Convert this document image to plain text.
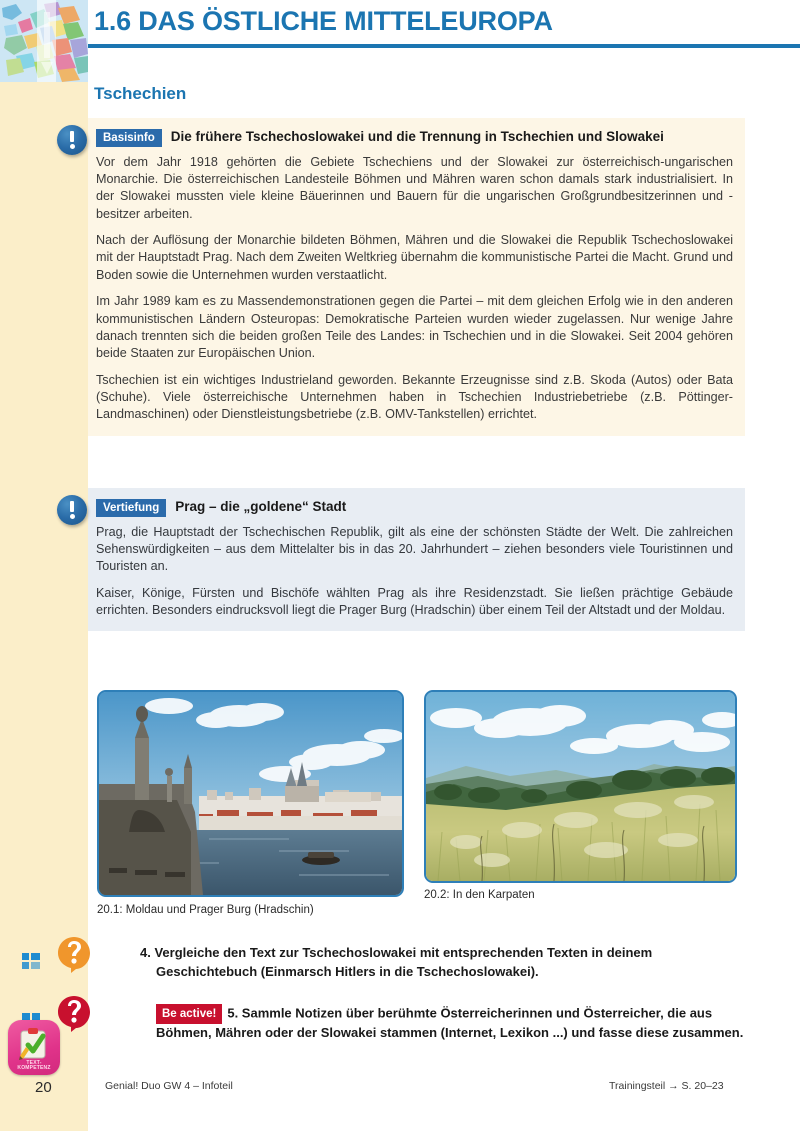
1.6 DAS ÖSTLICHE MITTELEUROPA
Tschechien
Basisinfo	Die frühere Tschechoslowakei und die Trennung in Tschechien und Slowakei

Vor dem Jahr 1918 gehörten die Gebiete Tschechiens und der Slowakei zur österreichisch-ungarischen Monarchie. Die österreichischen Landesteile Böhmen und Mähren waren schon damals stark industrialisiert. In der Slowakei mussten viele kleine Bäuerinnen und Bauern für die ungarischen Großgrundbesitzerinnen und -besitzer arbeiten.

Nach der Auflösung der Monarchie bildeten Böhmen, Mähren und die Slowakei die Republik Tschechoslowakei mit der Hauptstadt Prag. Nach dem Zweiten Weltkrieg übernahm die kommunistische Partei die Macht. Grund und Boden sowie die Unternehmen wurden verstaatlicht.

Im Jahr 1989 kam es zu Massendemonstrationen gegen die Partei – mit dem gleichen Erfolg wie in den anderen kommunistischen Ländern Osteuropas: Demokratische Parteien wurden wieder zugelassen. Nur wenige Jahre danach trennten sich die beiden großen Teile des Landes: in Tschechien und in die Slowakei. Seit 2004 gehören beide Staaten zur Europäischen Union.

Tschechien ist ein wichtiges Industrieland geworden. Bekannte Erzeugnisse sind z.B. Skoda (Autos) oder Bata (Schuhe). Viele österreichische Unternehmen haben in Tschechien Industriebetriebe (z.B. Pöttinger-Landmaschinen) oder Dienstleistungsbetriebe (z.B. OMV-Tankstellen) errichtet.

Vertiefung	Prag – die „goldene“ Stadt

Prag, die Hauptstadt der Tschechischen Republik, gilt als eine der schönsten Städte der Welt. Die zahlreichen Sehenswürdigkeiten – aus dem Mittelalter bis in das 20. Jahrhundert – ziehen besonders viele Touristinnen und Touristen an.

Kaiser, Könige, Fürsten und Bischöfe wählten Prag als ihre Residenzstadt. Sie ließen prächtige Gebäude errichten. Besonders eindrucksvoll liegt die Prager Burg (Hradschin) über einem Teil der Altstadt und der Moldau.

20.1: Moldau und Prager Burg (Hradschin)
20.2: In den Karpaten
4. Vergleiche den Text zur Tschechoslowakei mit entsprechenden Texten in deinem Geschichtebuch (Einmarsch Hitlers in die Tschechoslowakei).
Be active! 5. Sammle Notizen über berühmte Österreicherinnen und Österreicher, die aus Böhmen, Mähren oder der Slowakei stammen (Internet, Lexikon ...) und fasse diese zusammen.
TEXT-
KOMPETENZ
20	Genial! Duo GW 4 – Infoteil	Trainingsteil → S. 20–23
